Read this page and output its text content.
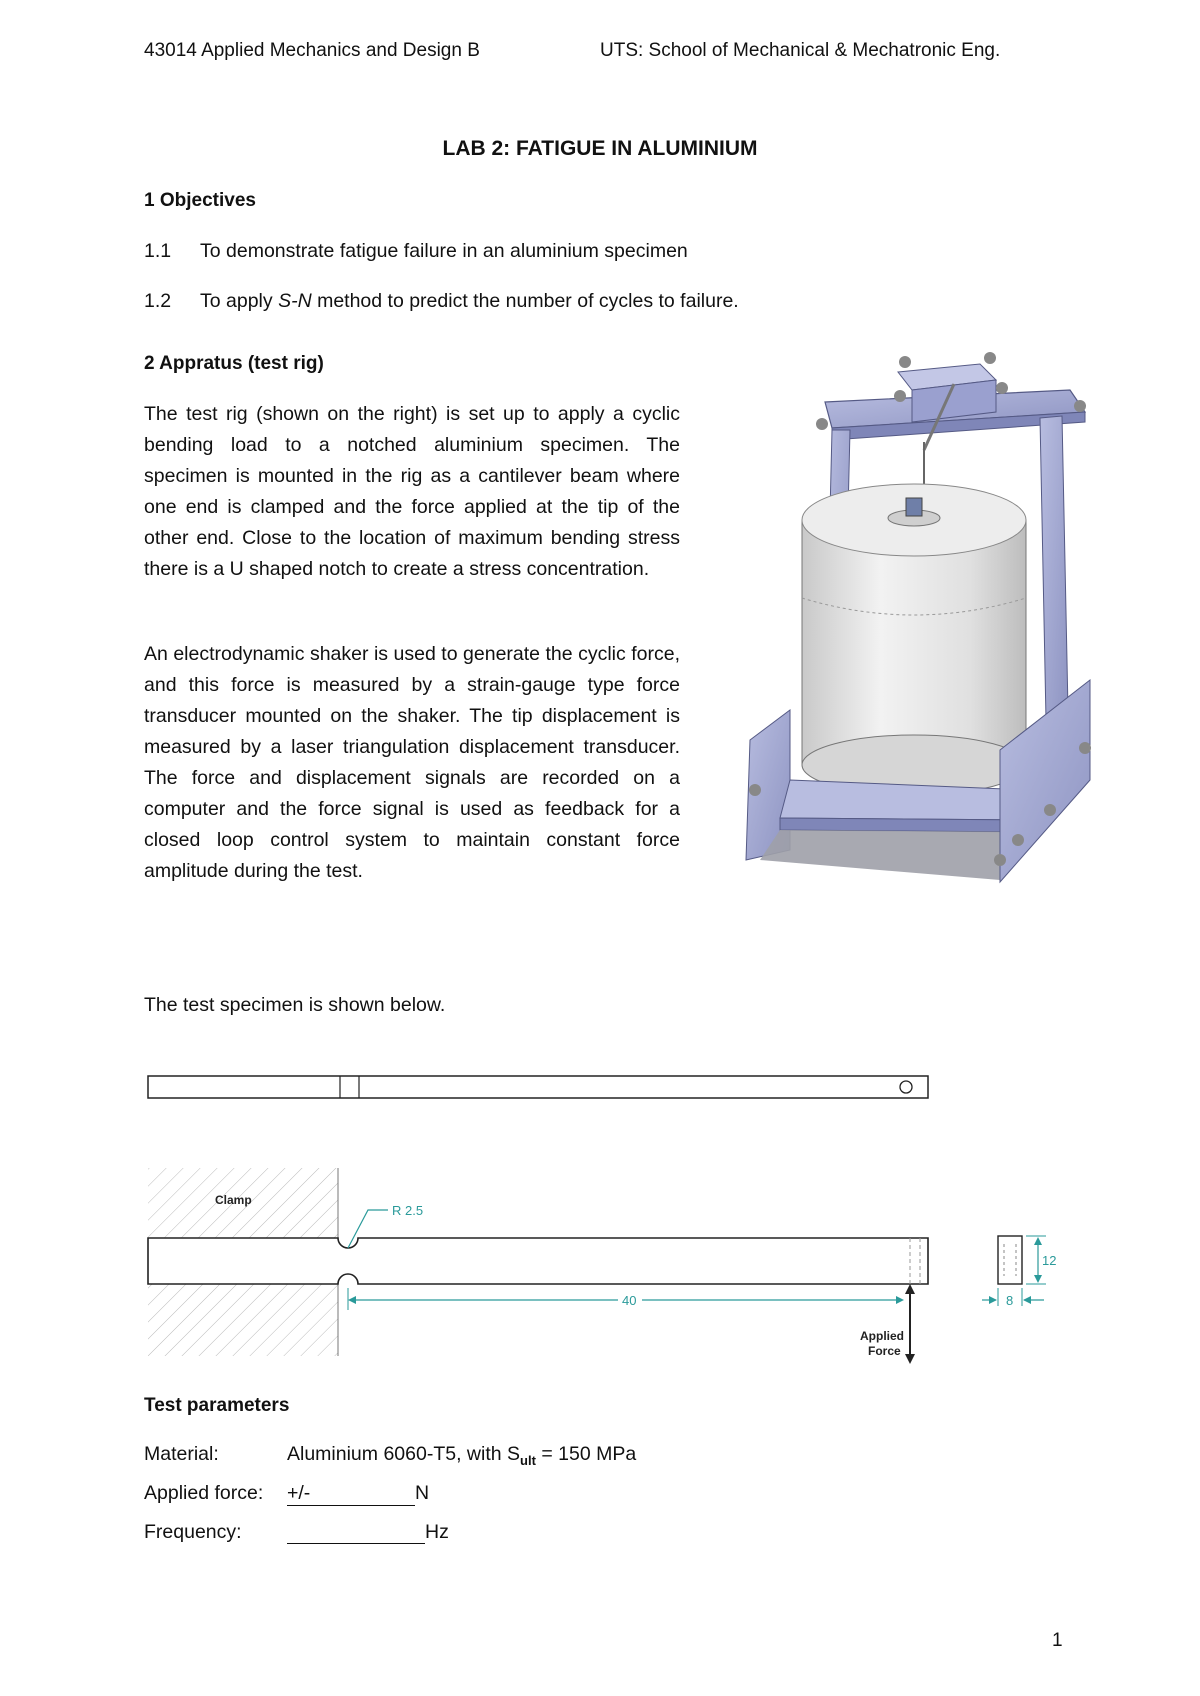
43014 Applied Mechanics and Design B	UTS: School of Mechanical & Mechatronic Eng.
LAB 2: FATIGUE IN ALUMINIUM
1 Objectives
1.1 To demonstrate fatigue failure in an aluminium specimen
1.2 To apply S-N method to predict the number of cycles to failure.
2 Appratus (test rig)
The test rig (shown on the right) is set up to apply a cyclic bending load to a notched aluminium specimen. The specimen is mounted in the rig as a cantilever beam where one end is clamped and the force applied at the tip of the other end. Close to the location of maximum bending stress there is a U shaped notch to create a stress concentration.
An electrodynamic shaker is used to generate the cyclic force, and this force is measured by a strain-gauge type force transducer mounted on the shaker. The tip displacement is measured by a laser triangulation displacement transducer. The force and displacement signals are recorded on a computer and the force signal is used as feedback for a closed loop control system to maintain constant force amplitude during the test.
The test specimen is shown below.
Clamp
R 2.5
40
Applied
Force
12
8
Test parameters
Material:	Aluminium 6060-T5, with $S_{ult} = 150$ MPa
Applied force: +/-	N
Frequency:	Hz
1
